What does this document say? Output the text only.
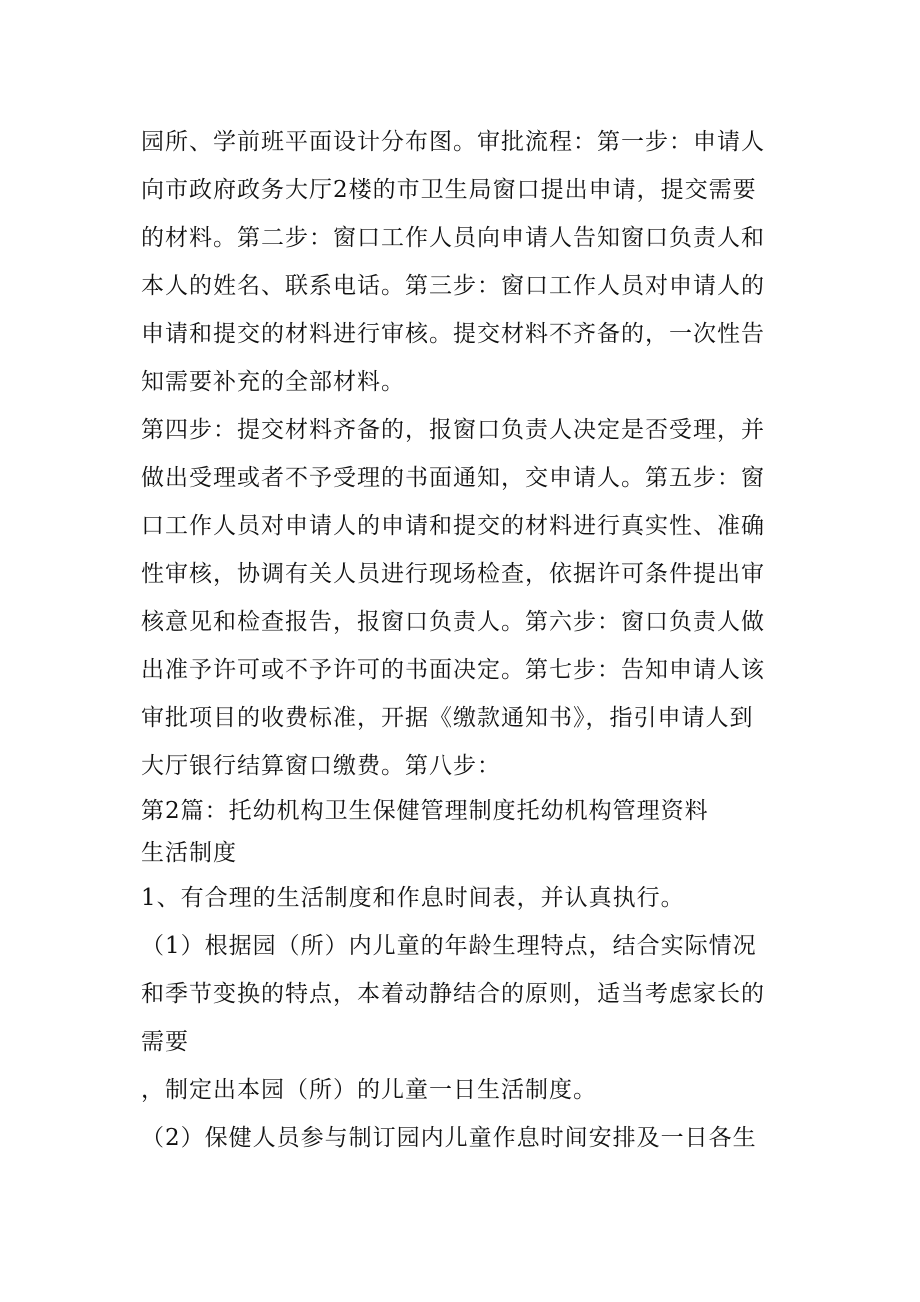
园所、学前班平面设计分布图。审批流程：第一步：申请人
向市政府政务大厅2楼的市卫生局窗口提出申请，提交需要
的材料。第二步：窗口工作人员向申请人告知窗口负责人和
本人的姓名、联系电话。第三步：窗口工作人员对申请人的
申请和提交的材料进行审核。提交材料不齐备的，一次性告
知需要补充的全部材料。
第四步：提交材料齐备的，报窗口负责人决定是否受理，并
做出受理或者不予受理的书面通知，交申请人。第五步：窗
口工作人员对申请人的申请和提交的材料进行真实性、准确
性审核，协调有关人员进行现场检查，依据许可条件提出审
核意见和检查报告，报窗口负责人。第六步：窗口负责人做
出准予许可或不予许可的书面决定。第七步：告知申请人该
审批项目的收费标准，开据《缴款通知书》，指引申请人到
大厅银行结算窗口缴费。第八步：
第2篇：托幼机构卫生保健管理制度托幼机构管理资料
生活制度
1、有合理的生活制度和作息时间表，并认真执行。
（1）根据园（所）内儿童的年龄生理特点，结合实际情况
和季节变换的特点，本着动静结合的原则，适当考虑家长的
需要
，制定出本园（所）的儿童一日生活制度。
（2）保健人员参与制订园内儿童作息时间安排及一日各生
